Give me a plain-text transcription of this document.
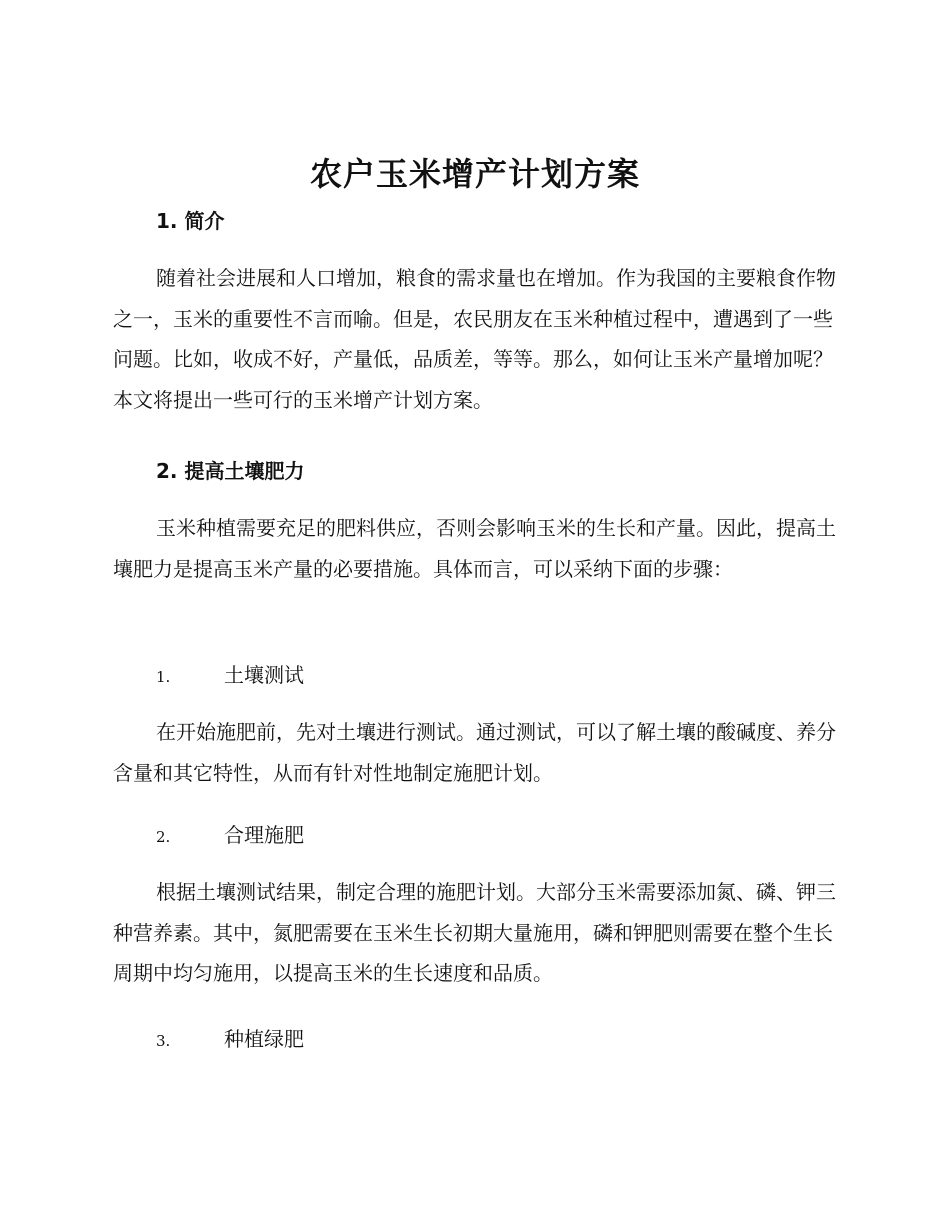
农户玉米增产计划方案
1. 简介

随着社会进展和人口增加，粮食的需求量也在增加。作为我国的主要粮食作物之一，玉米的重要性不言而喻。但是，农民朋友在玉米种植过程中，遭遇到了一些问题。比如，收成不好，产量低，品质差，等等。那么，如何让玉米产量增加呢？本文将提出一些可行的玉米增产计划方案。

2. 提高土壤肥力

玉米种植需要充足的肥料供应，否则会影响玉米的生长和产量。因此，提高土壤肥力是提高玉米产量的必要措施。具体而言，可以采纳下面的步骤：

1.	土壤测试

在开始施肥前，先对土壤进行测试。通过测试，可以了解土壤的酸碱度、养分含量和其它特性，从而有针对性地制定施肥计划。

2.	合理施肥

根据土壤测试结果，制定合理的施肥计划。大部分玉米需要添加氮、磷、钾三种营养素。其中，氮肥需要在玉米生长初期大量施用，磷和钾肥则需要在整个生长周期中均匀施用，以提高玉米的生长速度和品质。

3.	种植绿肥
